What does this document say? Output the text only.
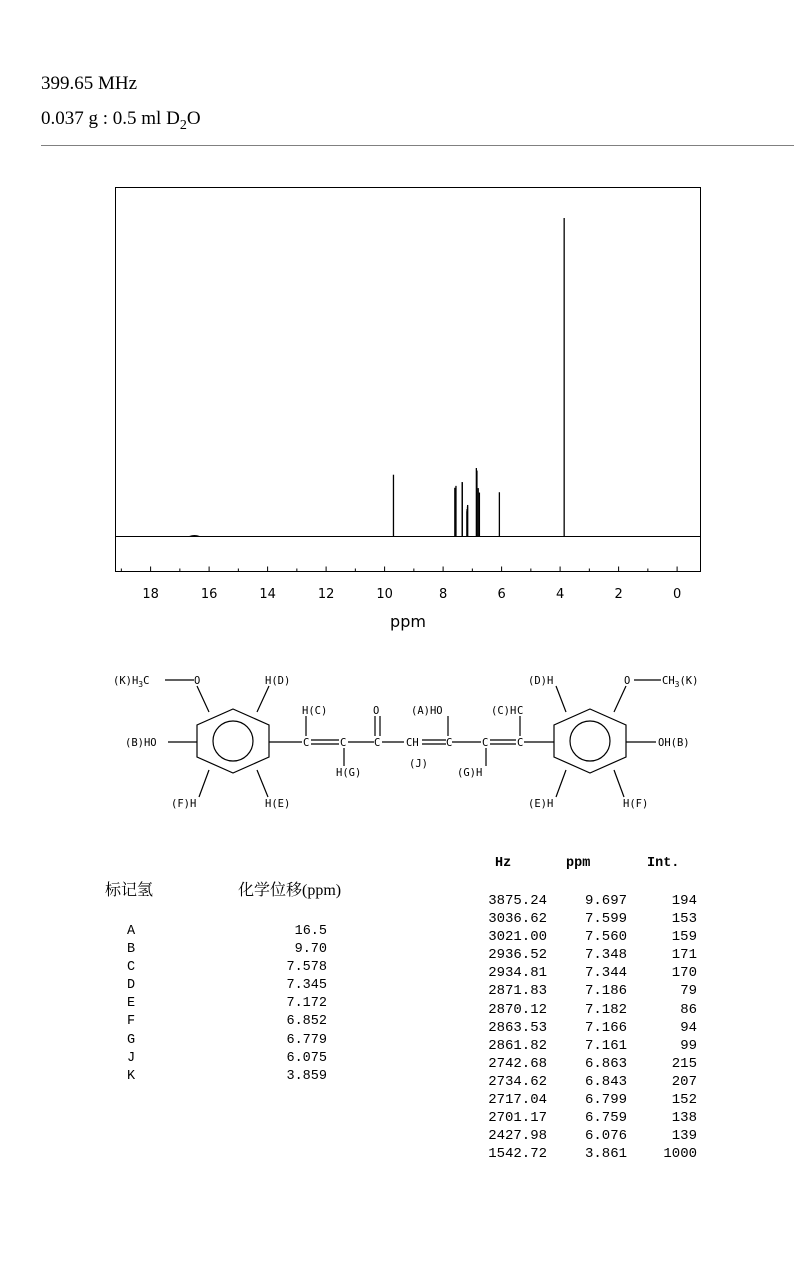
399.65 MHz
0.037 g : 0.5 ml $D_2O$
18	16	14	12	10	8	6	4	2	0
ppm
$(K)H_3C$	O	H(D)
H(C)	O	(A)HO	(C)H C
(D)H	O	$CH_3(K)$
(B)HO	C	C	C CH	C	C	C	OH(B)
H(G)
(J)
(G)H
(F)H	H(E)	(E)H	H(F)
标记氢	化学位移(ppm)
A	16.5
B	9.70
C	7.578
D	7.345
E	7.172
F	6.852
G	6.779
J	6.075
K	3.859
Hz	ppm	Int.
3875.24	9.697	194
3036.62	7.599	153
3021.00	7.560	159
2936.52	7.348	171
2934.81	7.344	170
2871.83	7.186	79
2870.12	7.182	86
2863.53	7.166	94
2861.82	7.161	99
2742.68	6.863	215
2734.62	6.843	207
2717.04	6.799	152
2701.17	6.759	138
2427.98	6.076	139
1542.72	3.861	1000
